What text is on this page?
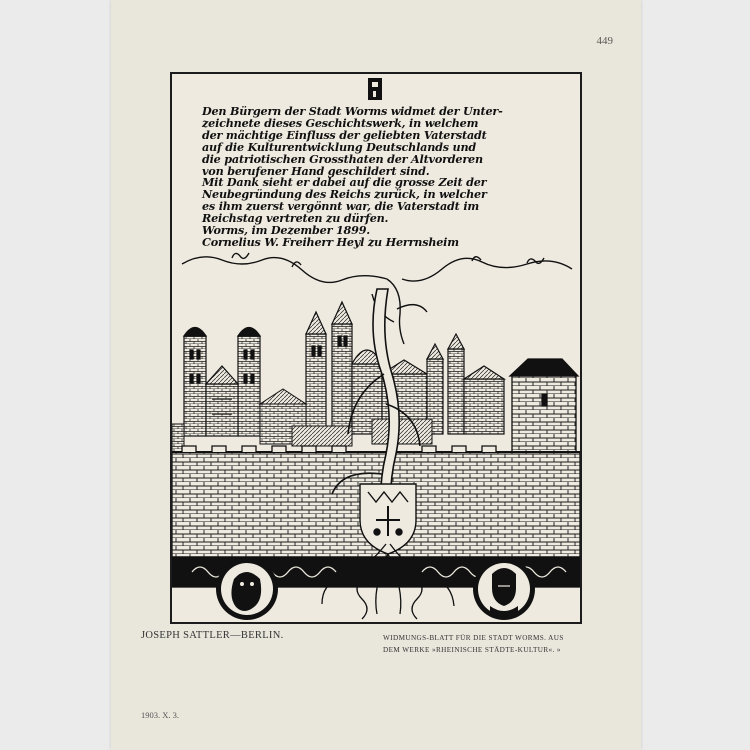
449
Den Bürgern der Stadt Worms widmet der Unter-
zeichnete dieses Geschichtswerk, in welchem
der mächtige Einfluss der geliebten Vaterstadt
auf die Kulturentwicklung Deutschlands und
die patriotischen Grossthaten der Altvorderen
von berufener Hand geschildert sind.
Mit Dank sieht er dabei auf die grosse Zeit der
Neubegründung des Reichs zurück, in welcher
es ihm zuerst vergönnt war, die Vaterstadt im
Reichstag vertreten zu dürfen.
Worms, im Dezember 1899.
Cornelius W. Freiherr Heyl zu Herrnsheim
JOSEPH SATTLER—BERLIN.	WIDMUNGS-BLATT FÜR DIE STADT WORMS. AUS
DEM WERKE »RHEINISCHE STÄDTE-KULTUR«. »
1903. X. 3.
